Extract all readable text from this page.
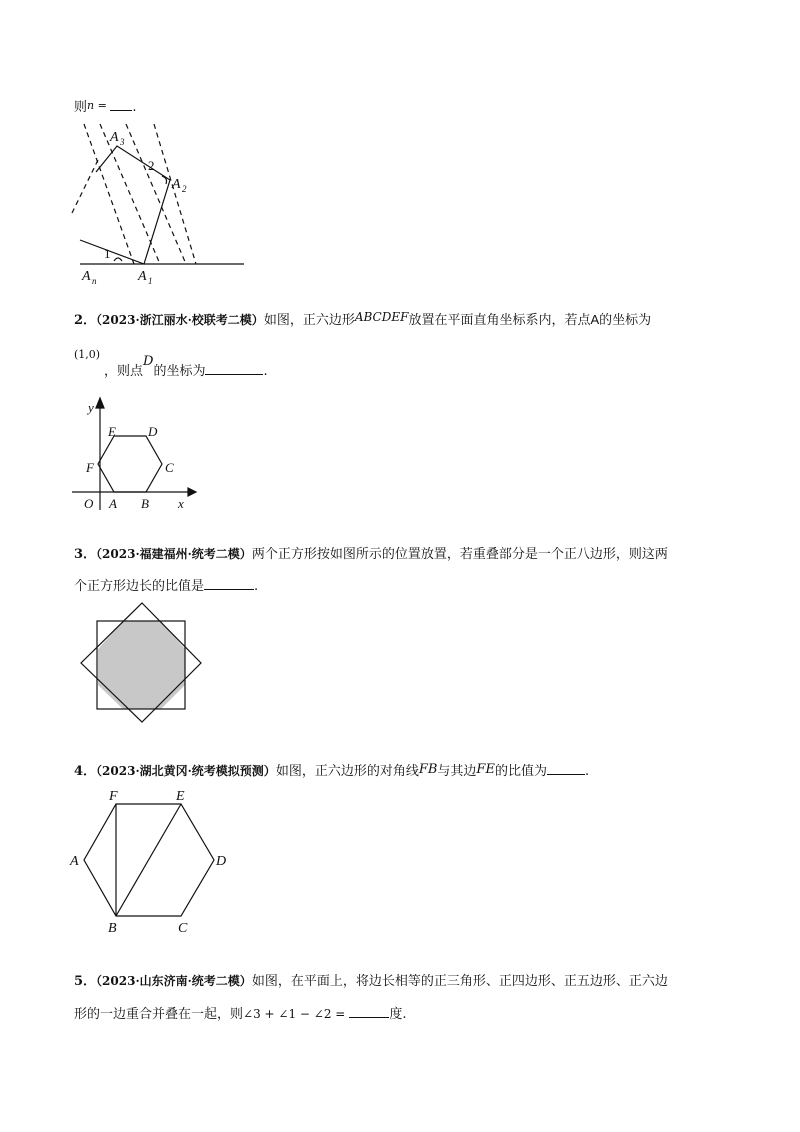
则n = .
A 3
A 2
A 1
A n
1
2
2．（2023·浙江丽水·校联考二模）如图，正六边形ABCDEF放置在平面直角坐标系内，若点A的坐标为
(1,0)
，则点D的坐标为	.
y
x
O A B
C
D
E
F
3．（2023·福建福州·统考二模）两个正方形按如图所示的位置放置，若重叠部分是一个正八边形，则这两
个正方形边长的比值是	.
4．（2023·湖北黄冈·统考模拟预测）如图，正六边形的对角线FB与其边FE的比值为	.
F	E
D
C
B
A
5．（2023·山东济南·统考二模）如图，在平面上，将边长相等的正三角形、正四边形、正五边形、正六边
形的一边重合并叠在一起，则∠3 + ∠1 − ∠2 =	度.
